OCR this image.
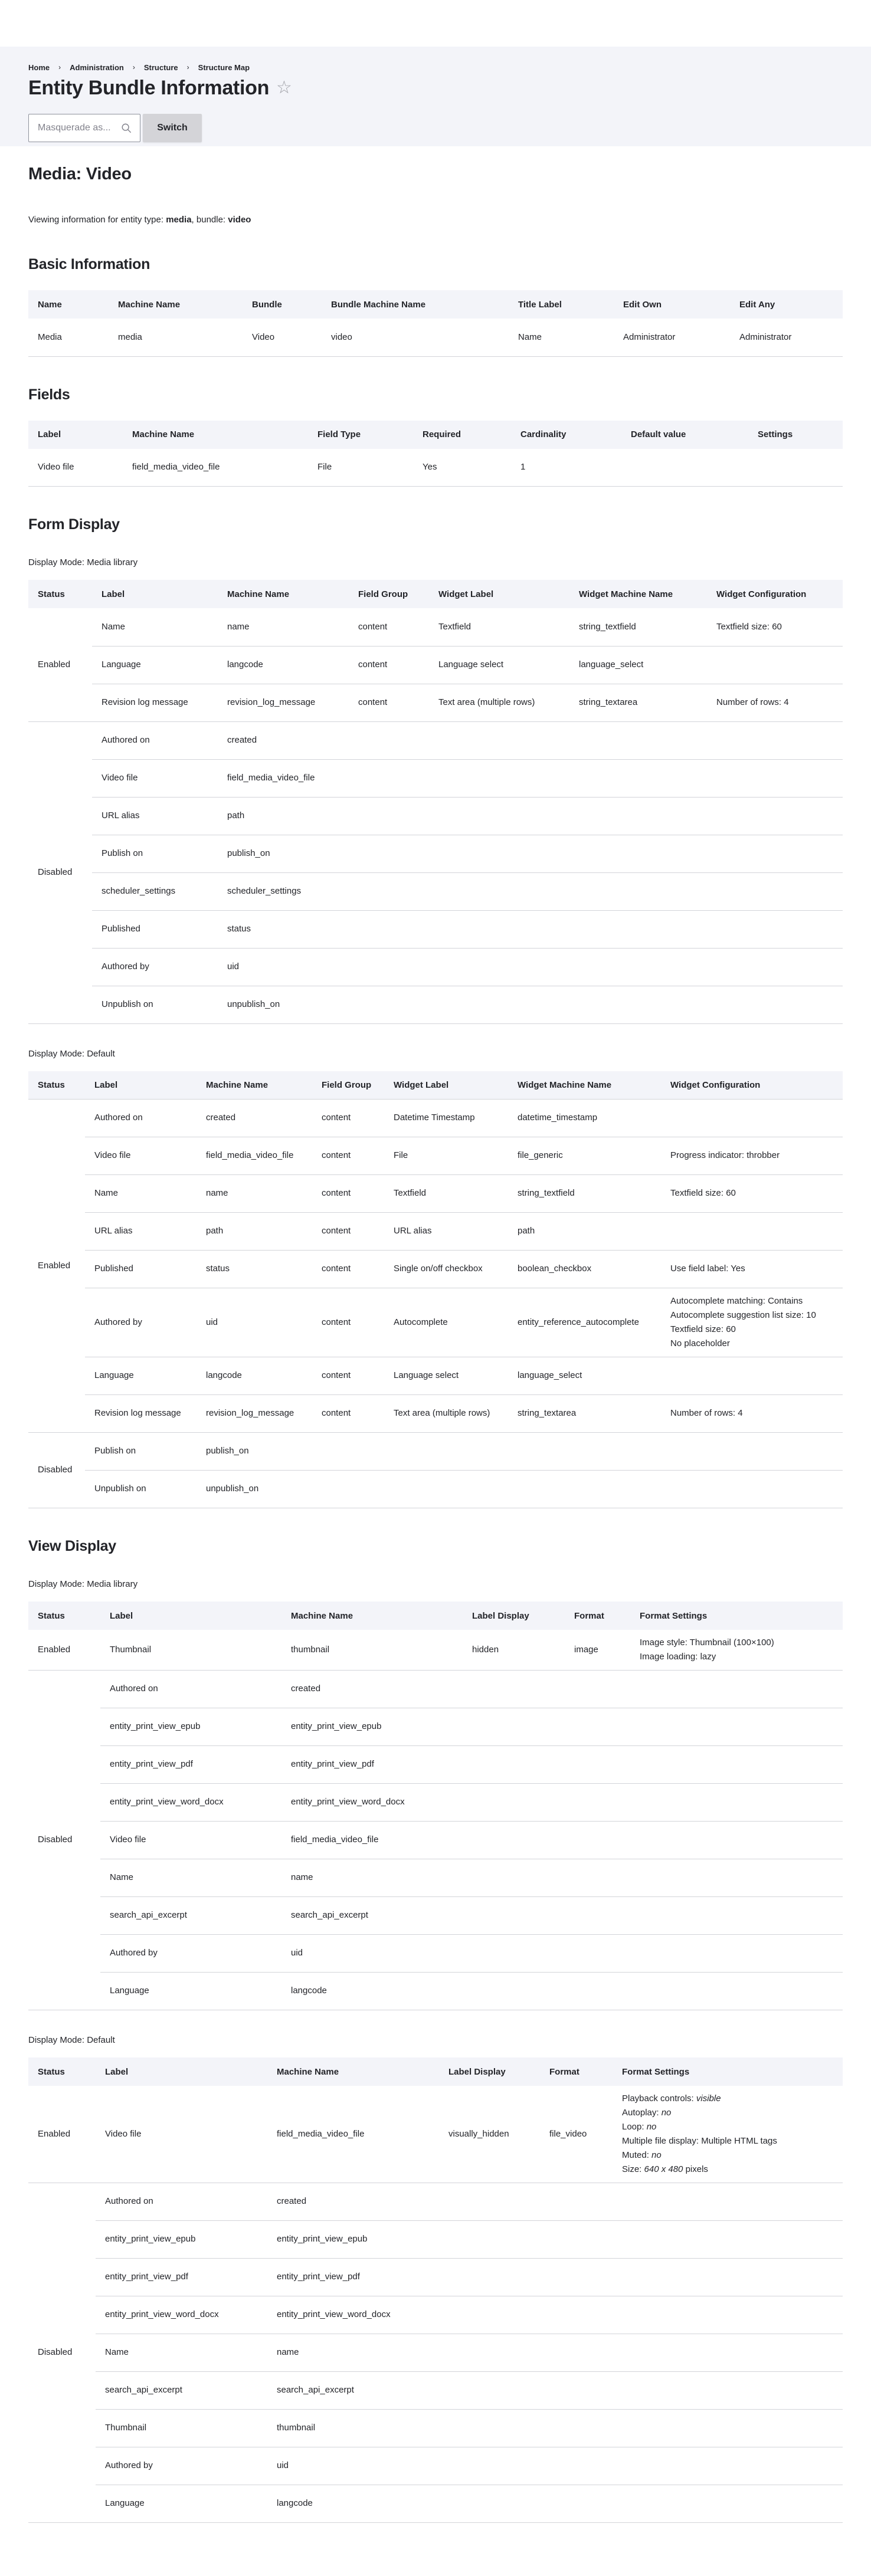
Home › Administration › Structure › Structure Map
Entity Bundle Information ☆
Masquerade as...	Switch
Media: Video

Viewing information for entity type: media, bundle: video

Basic Information
Name	Machine Name	Bundle	Bundle Machine Name	Title Label	Edit Own	Edit Any
Media	media	Video	video	Name	Administrator	Administrator
Fields
Label	Machine Name	Field Type	Required	Cardinality	Default value	Settings
Video file	field_media_video_file	File	Yes	1		
Form Display

Display Mode: Media library

Status	Label	Machine Name	Field Group	Widget Label	Widget Machine Name	Widget Configuration
Enabled	Name	name	content	Textfield	string_textfield	Textfield size: 60

	Language	langcode	content	Language select	language_select	
	Revision log message	revision_log_message	content	Text area (multiple rows)	string_textarea	Number of rows: 4

Disabled	Authored on	created				
	Video file	field_media_video_file				
	URL alias	path				
	Publish on	publish_on				
	scheduler_settings	scheduler_settings				
	Published	status				
	Authored by	uid				
	Unpublish on	unpublish_on				

Display Mode: Default

Status	Label	Machine Name	Field Group	Widget Label	Widget Machine Name	Widget Configuration
Enabled	Authored on	created	content	Datetime Timestamp	datetime_timestamp	
	Video file	field_media_video_file	content	File	file_generic	Progress indicator: throbber

	Name	name	content	Textfield	string_textfield	Textfield size: 60

	URL alias	path	content	URL alias	path	
	Published	status	content	Single on/off checkbox	boolean_checkbox	Use field label: Yes

	Authored by	uid	content	Autocomplete	entity_reference_autocomplete	Autocomplete matching: Contains
Autocomplete suggestion list size: 10
Textfield size: 60
No placeholder

	Language	langcode	content	Language select	language_select	
	Revision log message	revision_log_message	content	Text area (multiple rows)	string_textarea	Number of rows: 4

Disabled	Publish on	publish_on				
	Unpublish on	unpublish_on				
View Display

Display Mode: Media library

Status	Label	Machine Name	Label Display	Format	Format Settings
Enabled	Thumbnail	thumbnail	hidden	image	Image style: Thumbnail (100×100)
Image loading: lazy

Disabled	Authored on	created			
	entity_print_view_epub	entity_print_view_epub			
	entity_print_view_pdf	entity_print_view_pdf			
	entity_print_view_word_docx	entity_print_view_word_docx			
	Video file	field_media_video_file			
	Name	name			
	search_api_excerpt	search_api_excerpt			
	Authored by	uid			
	Language	langcode			

Display Mode: Default

Status	Label	Machine Name	Label Display	Format	Format Settings
Enabled	Video file	field_media_video_file	visually_hidden	file_video	
Playback controls: visible
Autoplay: no
Loop: no
Multiple file display: Multiple HTML tags
Muted: no
Size: 640 x 480 pixels

Disabled	Authored on	created			
	entity_print_view_epub	entity_print_view_epub			
	entity_print_view_pdf	entity_print_view_pdf			
	entity_print_view_word_docx	entity_print_view_word_docx			
	Name	name			
	search_api_excerpt	search_api_excerpt			
	Thumbnail	thumbnail			
	Authored by	uid			
	Language	langcode			
